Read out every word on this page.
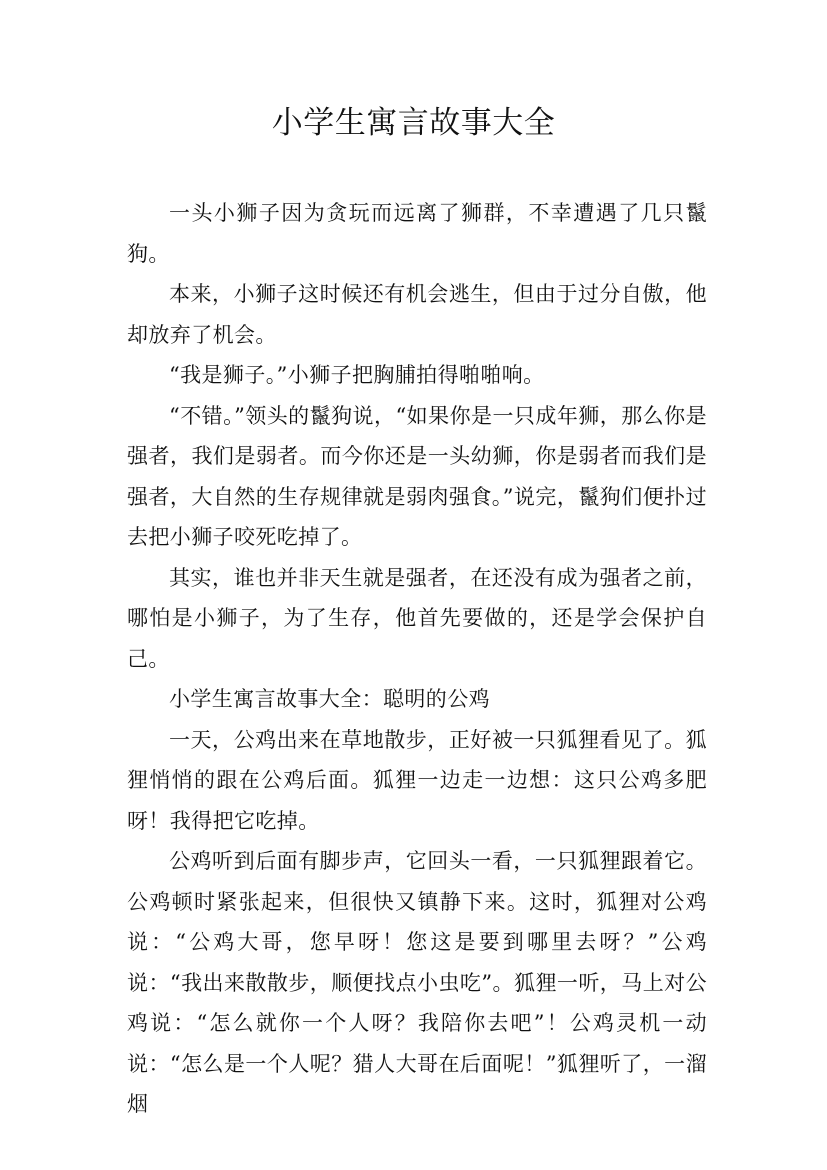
小学生寓言故事大全

一头小狮子因为贪玩而远离了狮群，不幸遭遇了几只鬣狗。

本来，小狮子这时候还有机会逃生，但由于过分自傲，他却放弃了机会。

“我是狮子。”小狮子把胸脯拍得啪啪响。

“不错。”领头的鬣狗说，“如果你是一只成年狮，那么你是强者，我们是弱者。而今你还是一头幼狮，你是弱者而我们是强者，大自然的生存规律就是弱肉强食。”说完，鬣狗们便扑过去把小狮子咬死吃掉了。

其实，谁也并非天生就是强者，在还没有成为强者之前，哪怕是小狮子，为了生存，他首先要做的，还是学会保护自己。

小学生寓言故事大全：聪明的公鸡

一天，公鸡出来在草地散步，正好被一只狐狸看见了。狐狸悄悄的跟在公鸡后面。狐狸一边走一边想：这只公鸡多肥呀！我得把它吃掉。

公鸡听到后面有脚步声，它回头一看，一只狐狸跟着它。公鸡顿时紧张起来，但很快又镇静下来。这时，狐狸对公鸡说：“公鸡大哥，您早呀！您这是要到哪里去呀？”公鸡说：“我出来散散步，顺便找点小虫吃”。狐狸一听，马上对公鸡说：“怎么就你一个人呀？我陪你去吧”！公鸡灵机一动说：“怎么是一个人呢？猎人大哥在后面呢！”狐狸听了，一溜烟
